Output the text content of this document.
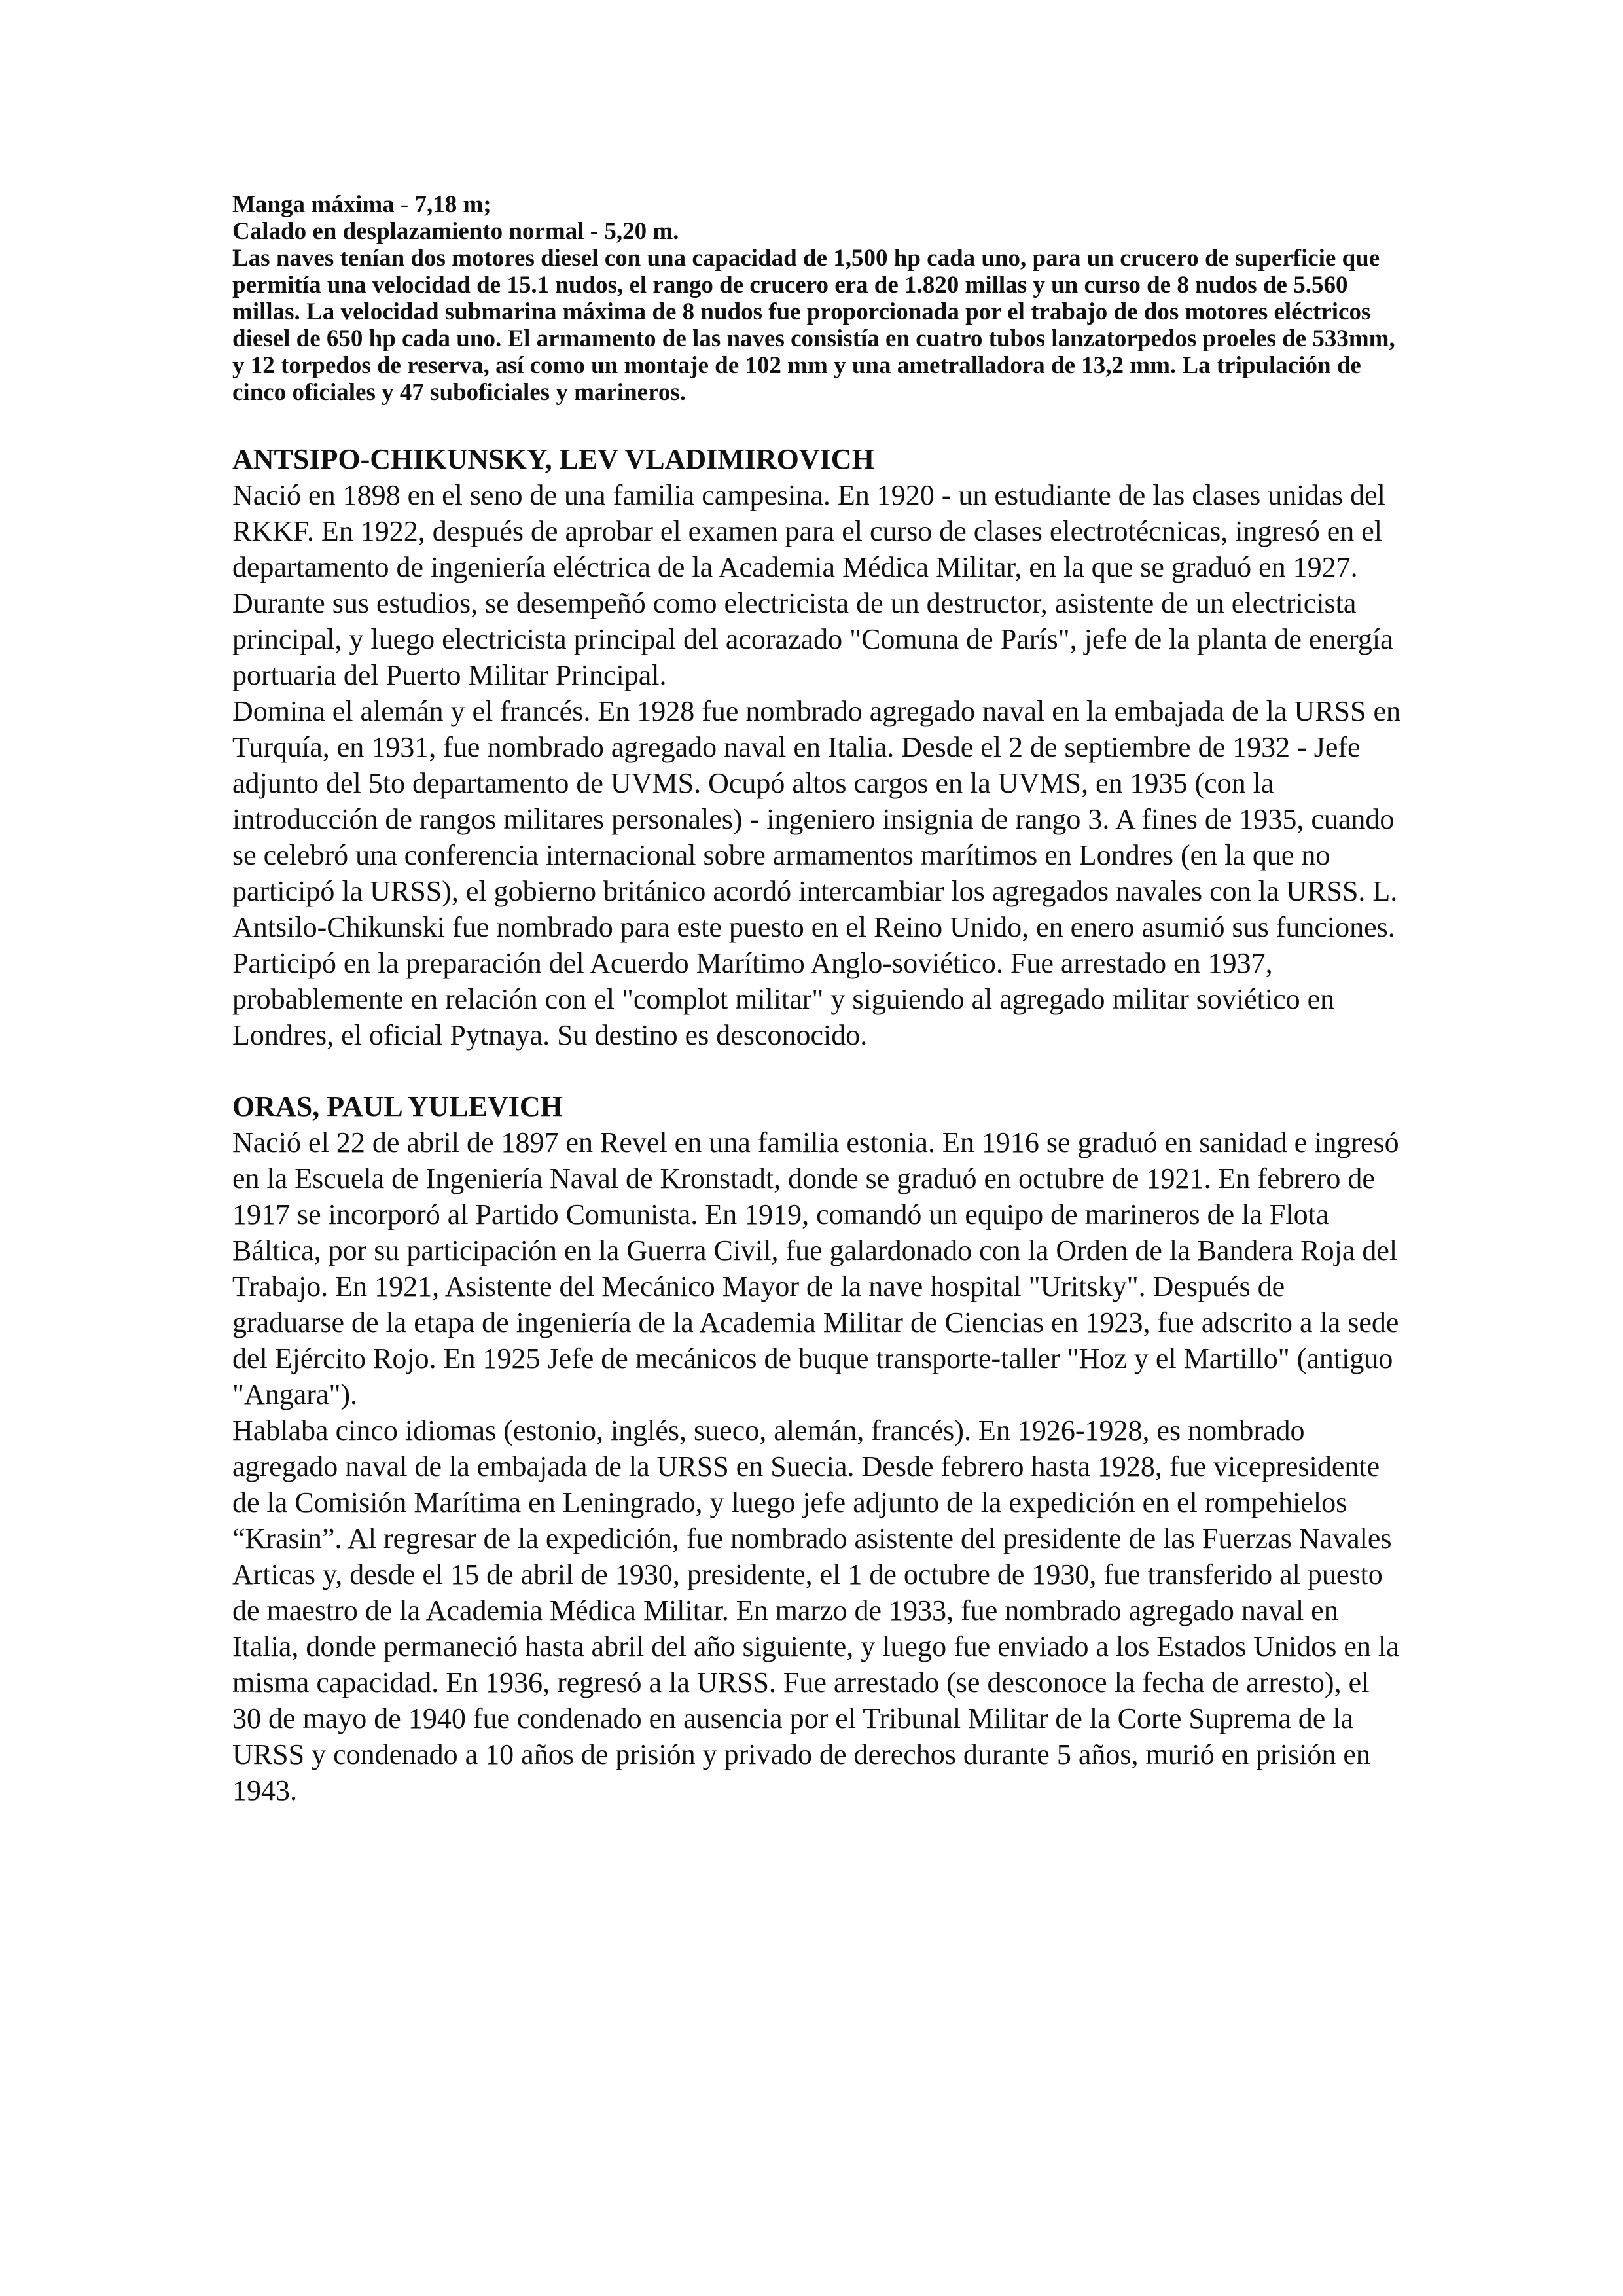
Manga máxima - 7,18 m;

Calado en desplazamiento normal - 5,20 m.

Las naves tenían dos motores diesel con una capacidad de 1,500 hp cada uno, para un crucero de superficie que permitía una velocidad de 15.1 nudos, el rango de crucero era de 1.820 millas y un curso de 8 nudos de 5.560 millas. La velocidad submarina máxima de 8 nudos fue proporcionada por el trabajo de dos motores eléctricos diesel de 650 hp cada uno. El armamento de las naves consistía en cuatro tubos lanzatorpedos proeles de 533mm, y 12 torpedos de reserva, así como un montaje de 102 mm y una ametralladora de 13,2 mm. La tripulación de cinco oficiales y 47 suboficiales y marineros.

ANTSIPO-CHIKUNSKY, LEV VLADIMIROVICH

Nació en 1898 en el seno de una familia campesina. En 1920 - un estudiante de las clases unidas del RKKF. En 1922, después de aprobar el examen para el curso de clases electrotécnicas, ingresó en el departamento de ingeniería eléctrica de la Academia Médica Militar, en la que se graduó en 1927.

Durante sus estudios, se desempeñó como electricista de un destructor, asistente de un electricista principal, y luego electricista principal del acorazado "Comuna de París", jefe de la planta de energía portuaria del Puerto Militar Principal.

Domina el alemán y el francés. En 1928 fue nombrado agregado naval en la embajada de la URSS en Turquía, en 1931, fue nombrado agregado naval en Italia. Desde el 2 de septiembre de 1932 - Jefe adjunto del 5to departamento de UVMS. Ocupó altos cargos en la UVMS, en 1935 (con la introducción de rangos militares personales) - ingeniero insignia de rango 3. A fines de 1935, cuando se celebró una conferencia internacional sobre armamentos marítimos en Londres (en la que no participó la URSS), el gobierno británico acordó intercambiar los agregados navales con la URSS. L. Antsilo-Chikunski fue nombrado para este puesto en el Reino Unido, en enero asumió sus funciones. Participó en la preparación del Acuerdo Marítimo Anglo-soviético. Fue arrestado en 1937, probablemente en relación con el "complot militar" y siguiendo al agregado militar soviético en Londres, el oficial Pytnaya. Su destino es desconocido.

ORAS, PAUL YULEVICH

Nació el 22 de abril de 1897 en Revel en una familia estonia. En 1916 se graduó en sanidad e ingresó en la Escuela de Ingeniería Naval de Kronstadt, donde se graduó en octubre de 1921. En febrero de 1917 se incorporó al Partido Comunista. En 1919, comandó un equipo de marineros de la Flota Báltica, por su participación en la Guerra Civil, fue galardonado con la Orden de la Bandera Roja del Trabajo. En 1921, Asistente del Mecánico Mayor de la nave hospital "Uritsky". Después de graduarse de la etapa de ingeniería de la Academia Militar de Ciencias en 1923, fue adscrito a la sede del Ejército Rojo. En 1925 Jefe de mecánicos de buque transporte-taller "Hoz y el Martillo" (antiguo "Angara").

Hablaba cinco idiomas (estonio, inglés, sueco, alemán, francés). En 1926-1928, es nombrado agregado naval de la embajada de la URSS en Suecia. Desde febrero hasta 1928, fue vicepresidente de la Comisión Marítima en Leningrado, y luego jefe adjunto de la expedición en el rompehielos “Krasin”. Al regresar de la expedición, fue nombrado asistente del presidente de las Fuerzas Navales Articas y, desde el 15 de abril de 1930, presidente, el 1 de octubre de 1930, fue transferido al puesto de maestro de la Academia Médica Militar. En marzo de 1933, fue nombrado agregado naval en Italia, donde permaneció hasta abril del año siguiente, y luego fue enviado a los Estados Unidos en la misma capacidad. En 1936, regresó a la URSS. Fue arrestado (se desconoce la fecha de arresto), el 30 de mayo de 1940 fue condenado en ausencia por el Tribunal Militar de la Corte Suprema de la URSS y condenado a 10 años de prisión y privado de derechos durante 5 años, murió en prisión en 1943.
